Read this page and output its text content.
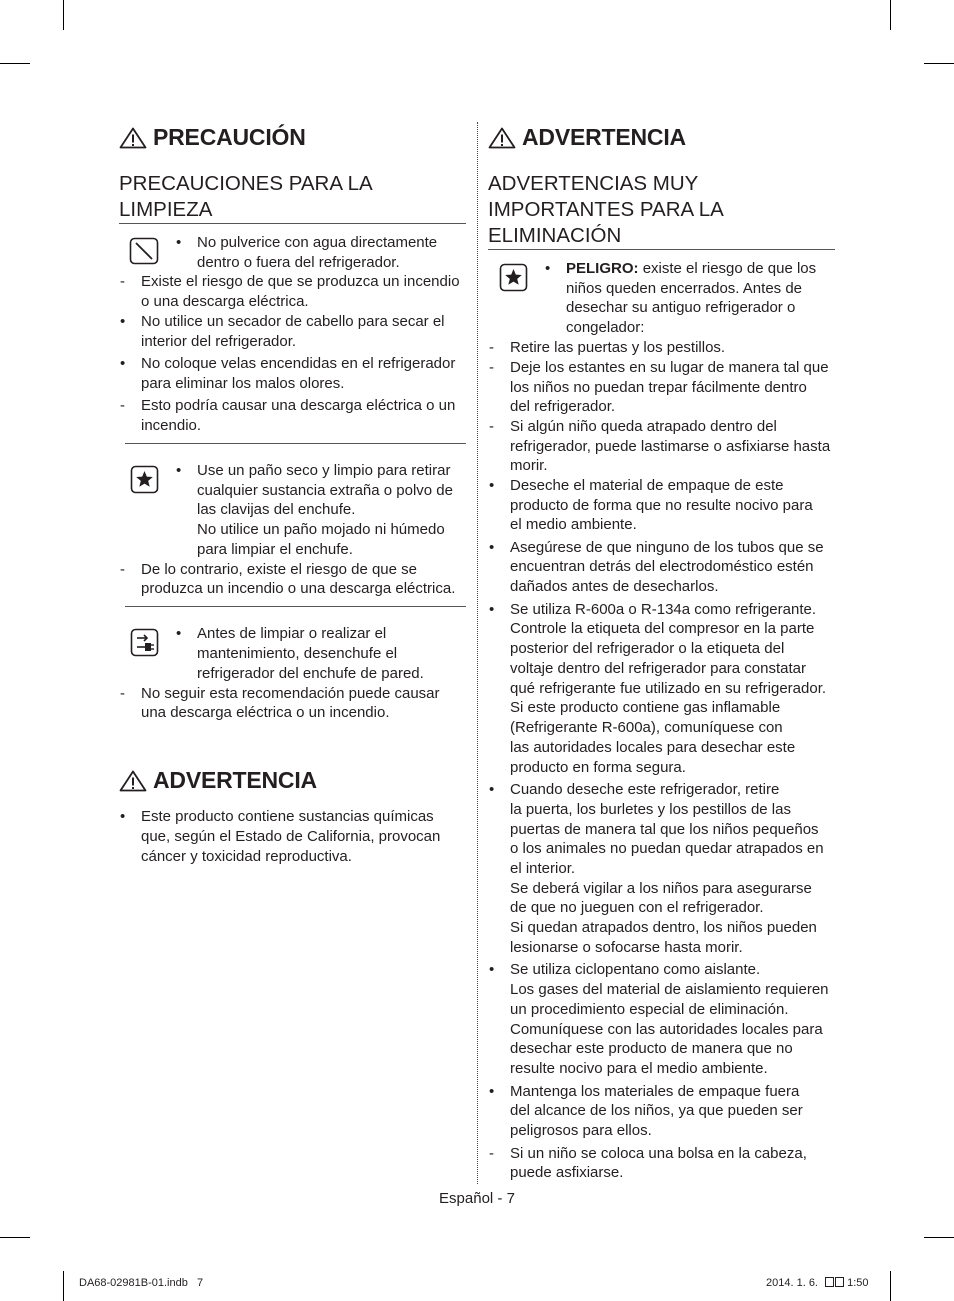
PRECAUCIÓN
PRECAUCIONES PARA LA
LIMPIEZA
• No pulverice con agua directamente
dentro o fuera del refrigerador.
- Existe el riesgo de que se produzca un incendio
o una descarga eléctrica.
• No utilice un secador de cabello para secar el
interior del refrigerador.
• No coloque velas encendidas en el refrigerador
para eliminar los malos olores.
- Esto podría causar una descarga eléctrica o un
incendio.
• Use un paño seco y limpio para retirar
cualquier sustancia extraña o polvo de
las clavijas del enchufe.
No utilice un paño mojado ni húmedo
para limpiar el enchufe.
- De lo contrario, existe el riesgo de que se
produzca un incendio o una descarga eléctrica.
• Antes de limpiar o realizar el
mantenimiento, desenchufe el
refrigerador del enchufe de pared.
- No seguir esta recomendación puede causar
una descarga eléctrica o un incendio.
ADVERTENCIA
• Este producto contiene sustancias químicas
que, según el Estado de California, provocan
cáncer y toxicidad reproductiva.
ADVERTENCIA
ADVERTENCIAS MUY
IMPORTANTES PARA LA
ELIMINACIÓN
• PELIGRO: existe el riesgo de que los
niños queden encerrados. Antes de
desechar su antiguo refrigerador o
congelador:
- Retire las puertas y los pestillos.
- Deje los estantes en su lugar de manera tal que
los niños no puedan trepar fácilmente dentro
del refrigerador.
- Si algún niño queda atrapado dentro del
refrigerador, puede lastimarse o asfixiarse hasta
morir.
• Deseche el material de empaque de este
producto de forma que no resulte nocivo para
el medio ambiente.
• Asegúrese de que ninguno de los tubos que se
encuentran detrás del electrodoméstico estén
dañados antes de desecharlos.
• Se utiliza R-600a o R-134a como refrigerante.
Controle la etiqueta del compresor en la parte
posterior del refrigerador o la etiqueta del
voltaje dentro del refrigerador para constatar
qué refrigerante fue utilizado en su refrigerador.
Si este producto contiene gas inflamable
(Refrigerante R-600a), comuníquese con
las autoridades locales para desechar este
producto en forma segura.
• Cuando deseche este refrigerador, retire
la puerta, los burletes y los pestillos de las
puertas de manera tal que los niños pequeños
o los animales no puedan quedar atrapados en
el interior.
Se deberá vigilar a los niños para asegurarse
de que no jueguen con el refrigerador.
Si quedan atrapados dentro, los niños pueden
lesionarse o sofocarse hasta morir.
• Se utiliza ciclopentano como aislante.
Los gases del material de aislamiento requieren
un procedimiento especial de eliminación.
Comuníquese con las autoridades locales para
desechar este producto de manera que no
resulte nocivo para el medio ambiente.
• Mantenga los materiales de empaque fuera
del alcance de los niños, ya que pueden ser
peligrosos para ellos.
- Si un niño se coloca una bolsa en la cabeza,
puede asfixiarse.
Español - 7
DA68-02981B-01.indb   7	2014. 1. 6.	1:50
